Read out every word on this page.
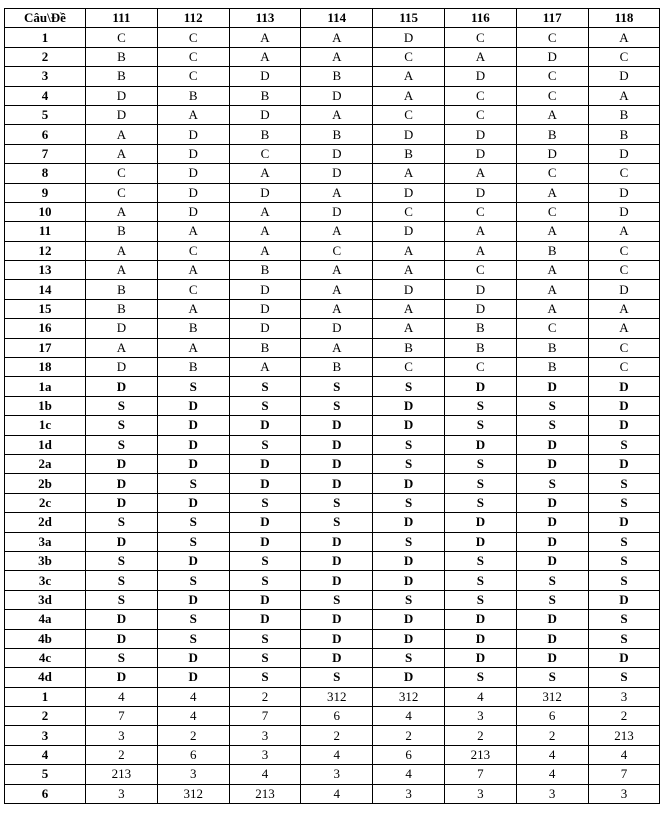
Câu\Đề	111	112	113	114	115	116	117	118
1	C	C	A	A	D	C	C	A
2	B	C	A	A	C	A	D	C
3	B	C	D	B	A	D	C	D
4	D	B	B	D	A	C	C	A
5	D	A	D	A	C	C	A	B
6	A	D	B	B	D	D	B	B
7	A	D	C	D	B	D	D	D
8	C	D	A	D	A	A	C	C
9	C	D	D	A	D	D	A	D
10	A	D	A	D	C	C	C	D
11	B	A	A	A	D	A	A	A
12	A	C	A	C	A	A	B	C
13	A	A	B	A	A	C	A	C
14	B	C	D	A	D	D	A	D
15	B	A	D	A	A	D	A	A
16	D	B	D	D	A	B	C	A
17	A	A	B	A	B	B	B	C
18	D	B	A	B	C	C	B	C
1a	D	S	S	S	S	D	D	D
1b	S	D	S	S	D	S	S	D
1c	S	D	D	D	D	S	S	D
1d	S	D	S	D	S	D	D	S
2a	D	D	D	D	S	S	D	D
2b	D	S	D	D	D	S	S	S
2c	D	D	S	S	S	S	D	S
2d	S	S	D	S	D	D	D	D
3a	D	S	D	D	S	D	D	S
3b	S	D	S	D	D	S	D	S
3c	S	S	S	D	D	S	S	S
3d	S	D	D	S	S	S	S	D
4a	D	S	D	D	D	D	D	S
4b	D	S	S	D	D	D	D	S
4c	S	D	S	D	S	D	D	D
4d	D	D	S	S	D	S	S	S
1	4	4	2	312	312	4	312	3
2	7	4	7	6	4	3	6	2
3	3	2	3	2	2	2	2	213
4	2	6	3	4	6	213	4	4
5	213	3	4	3	4	7	4	7
6	3	312	213	4	3	3	3	3
